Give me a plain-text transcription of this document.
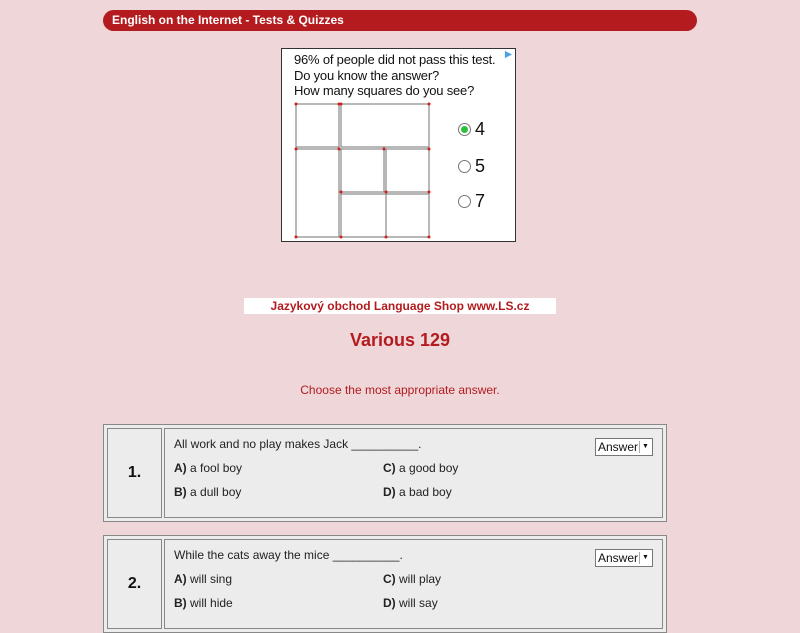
English on the Internet - Tests & Quizzes
96% of people did not pass this test.
Do you know the answer?
How many squares do you see?
4
5
7
Jazykový obchod Language Shop www.LS.cz
Various 129
Choose the most appropriate answer.
1.
All work and no play makes Jack __________.	Answer ▼
A) a fool boy
B) a dull boy
C) a good boy
D) a bad boy
2.
While the cats away the mice __________.	Answer ▼
A) will sing
B) will hide
C) will play
D) will say
